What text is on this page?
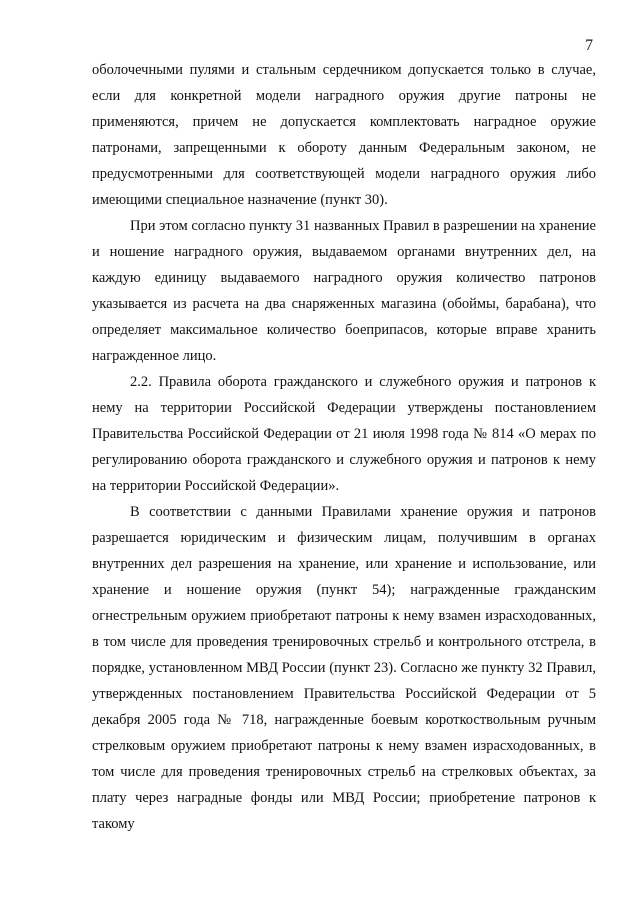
7

оболочечными пулями и стальным сердечником допускается только в случае, если для конкретной модели наградного оружия другие патроны не применяются, причем не допускается комплектовать наградное оружие патронами, запрещенными к обороту данным Федеральным законом, не предусмотренными для соответствующей модели наградного оружия либо имеющими специальное назначение (пункт 30).

При этом согласно пункту 31 названных Правил в разрешении на хранение и ношение наградного оружия, выдаваемом органами внутренних дел, на каждую единицу выдаваемого наградного оружия количество патронов указывается из расчета на два снаряженных магазина (обоймы, барабана), что определяет максимальное количество боеприпасов, которые вправе хранить награжденное лицо.

2.2. Правила оборота гражданского и служебного оружия и патронов к нему на территории Российской Федерации утверждены постановлением Правительства Российской Федерации от 21 июля 1998 года № 814 «О мерах по регулированию оборота гражданского и служебного оружия и патронов к нему на территории Российской Федерации».

В соответствии с данными Правилами хранение оружия и патронов разрешается юридическим и физическим лицам, получившим в органах внутренних дел разрешения на хранение, или хранение и использование, или хранение и ношение оружия (пункт 54); награжденные гражданским огнестрельным оружием приобретают патроны к нему взамен израсходованных, в том числе для проведения тренировочных стрельб и контрольного отстрела, в порядке, установленном МВД России (пункт 23). Согласно же пункту 32 Правил, утвержденных постановлением Правительства Российской Федерации от 5 декабря 2005 года № 718, награжденные боевым короткоствольным ручным стрелковым оружием приобретают патроны к нему взамен израсходованных, в том числе для проведения тренировочных стрельб на стрелковых объектах, за плату через наградные фонды или МВД России; приобретение патронов к такому
